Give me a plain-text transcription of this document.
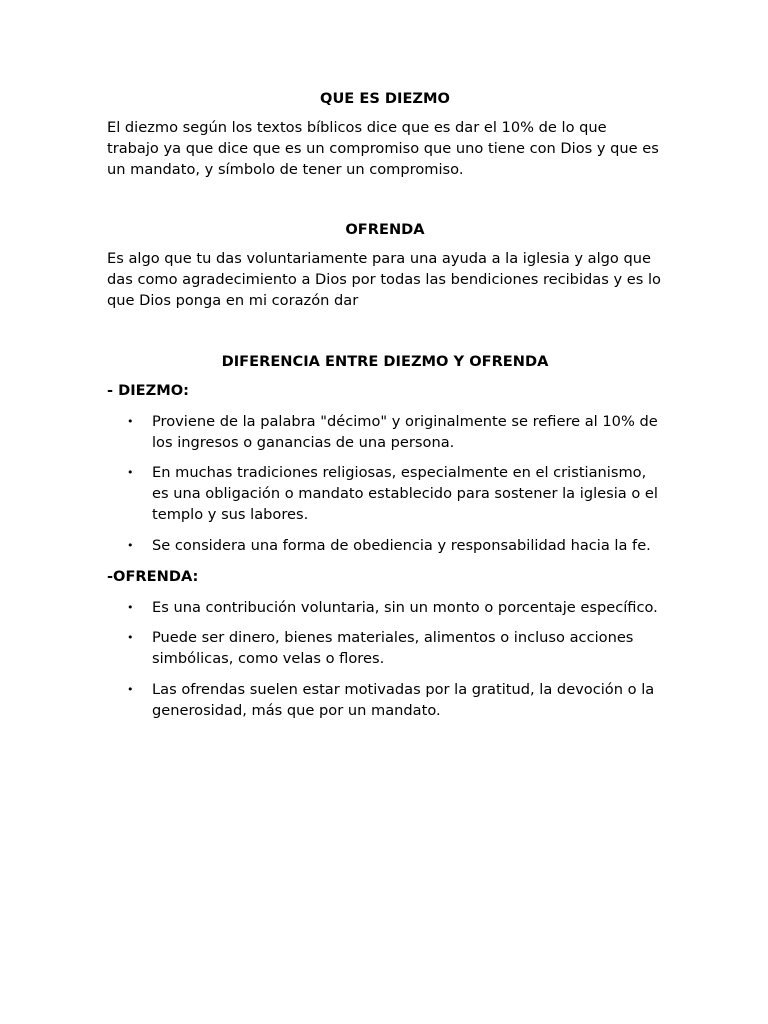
QUE ES DIEZMO

El diezmo según los textos bíblicos dice que es dar el 10% de lo que trabajo ya que dice que es un compromiso que uno tiene con Dios y que es un mandato, y símbolo de tener un compromiso.

OFRENDA

Es algo que tu das voluntariamente para una ayuda a la iglesia y algo que das como agradecimiento a Dios por todas las bendiciones recibidas y es lo que Dios ponga en mi corazón dar

DIFERENCIA ENTRE DIEZMO Y OFRENDA
- DIEZMO:
• Proviene de la palabra "décimo" y originalmente se refiere al 10% de los ingresos o ganancias de una persona.
• En muchas tradiciones religiosas, especialmente en el cristianismo, es una obligación o mandato establecido para sostener la iglesia o el templo y sus labores.
• Se considera una forma de obediencia y responsabilidad hacia la fe.
-OFRENDA:
• Es una contribución voluntaria, sin un monto o porcentaje específico.
• Puede ser dinero, bienes materiales, alimentos o incluso acciones simbólicas, como velas o flores.
• Las ofrendas suelen estar motivadas por la gratitud, la devoción o la generosidad, más que por un mandato.
